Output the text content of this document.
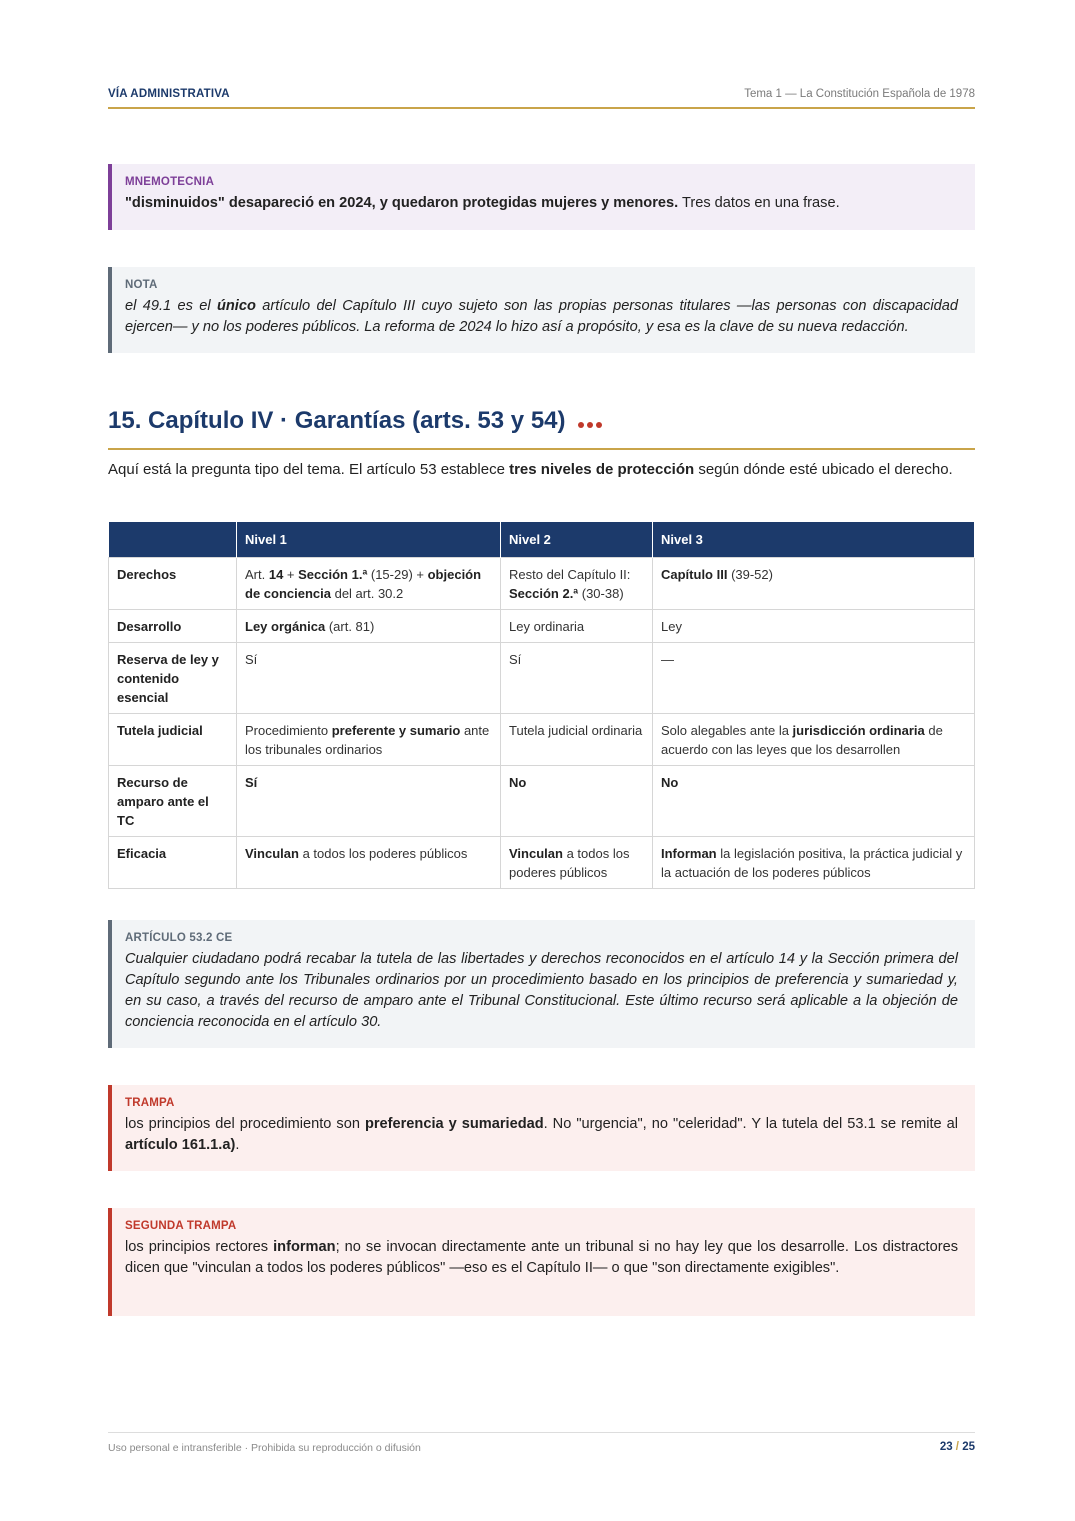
VÍA ADMINISTRATIVA	Tema 1 — La Constitución Española de 1978
MNEMOTECNIA
"disminuidos" desapareció en 2024, y quedaron protegidas mujeres y menores. Tres datos en una frase.
NOTA
el 49.1 es el único artículo del Capítulo III cuyo sujeto son las propias personas titulares —las personas con discapacidad ejercen— y no los poderes públicos. La reforma de 2024 lo hizo así a propósito, y esa es la clave de su nueva redacción.
15. Capítulo IV · Garantías (arts. 53 y 54)
Aquí está la pregunta tipo del tema. El artículo 53 establece tres niveles de protección según dónde esté ubicado el derecho.
	Nivel 1	Nivel 2	Nivel 3
Derechos	Art. 14 + Sección 1.ª (15-29) + objeción de conciencia del art. 30.2	Resto del Capítulo II: Sección 2.ª (30-38)	Capítulo III (39-52)
Desarrollo	Ley orgánica (art. 81)	Ley ordinaria	Ley
Reserva de ley y contenido esencial	Sí	Sí	—
Tutela judicial	Procedimiento preferente y sumario ante los tribunales ordinarios	Tutela judicial ordinaria	Solo alegables ante la jurisdicción ordinaria de acuerdo con las leyes que los desarrollen
Recurso de amparo ante el TC	Sí	No	No
Eficacia	Vinculan a todos los poderes públicos	Vinculan a todos los poderes públicos	Informan la legislación positiva, la práctica judicial y la actuación de los poderes públicos
ARTÍCULO 53.2 CE
Cualquier ciudadano podrá recabar la tutela de las libertades y derechos reconocidos en el artículo 14 y la Sección primera del Capítulo segundo ante los Tribunales ordinarios por un procedimiento basado en los principios de preferencia y sumariedad y, en su caso, a través del recurso de amparo ante el Tribunal Constitucional. Este último recurso será aplicable a la objeción de conciencia reconocida en el artículo 30.
TRAMPA
los principios del procedimiento son preferencia y sumariedad. No "urgencia", no "celeridad". Y la tutela del 53.1 se remite al artículo 161.1.a).
SEGUNDA TRAMPA
los principios rectores informan; no se invocan directamente ante un tribunal si no hay ley que los desarrolle. Los distractores dicen que "vinculan a todos los poderes públicos" —eso es el Capítulo II— o que "son directamente exigibles".
Uso personal e intransferible · Prohibida su reproducción o difusión	23 / 25
